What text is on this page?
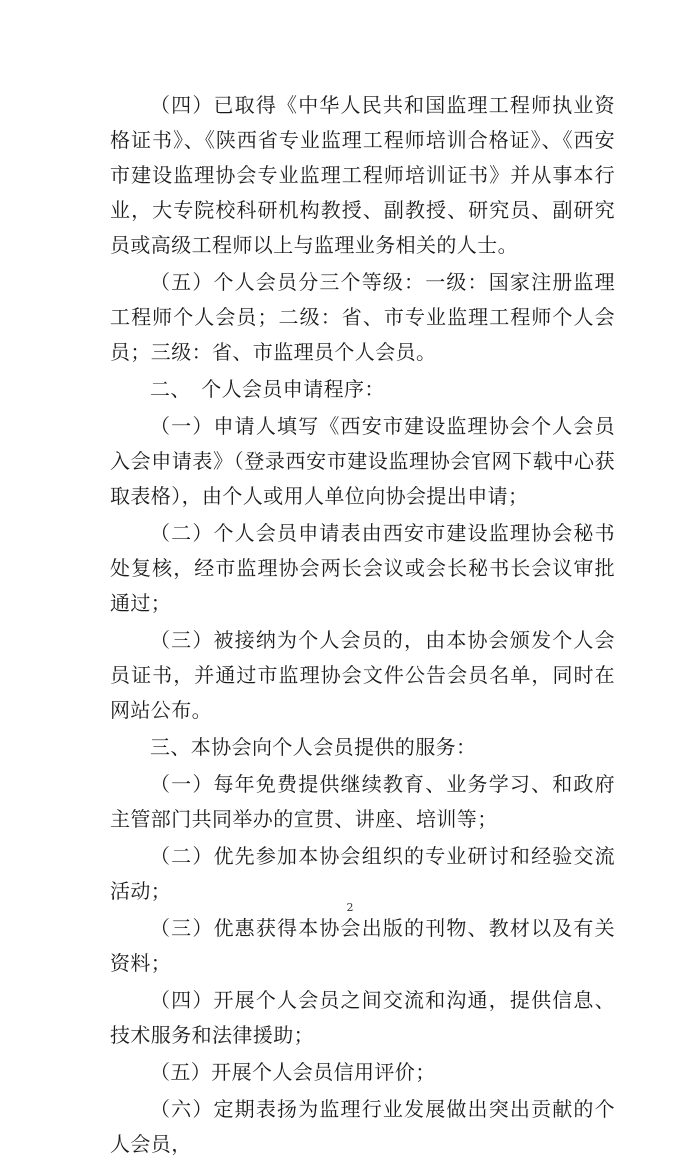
（四）已取得《中华人民共和国监理工程师执业资格证书》、《陕西省专业监理工程师培训合格证》、《西安市建设监理协会专业监理工程师培训证书》并从事本行业，大专院校科研机构教授、副教授、研究员、副研究员或高级工程师以上与监理业务相关的人士。

（五）个人会员分三个等级：一级：国家注册监理工程师个人会员；二级：省、市专业监理工程师个人会员；三级：省、市监理员个人会员。

二、　个人会员申请程序：

（一）申请人填写《西安市建设监理协会个人会员入会申请表》（登录西安市建设监理协会官网下载中心获取表格），由个人或用人单位向协会提出申请；

（二）个人会员申请表由西安市建设监理协会秘书处复核，经市监理协会两长会议或会长秘书长会议审批通过；

（三）被接纳为个人会员的，由本协会颁发个人会员证书，并通过市监理协会文件公告会员名单，同时在网站公布。

三、本协会向个人会员提供的服务：

（一）每年免费提供继续教育、业务学习、和政府主管部门共同举办的宣贯、讲座、培训等；

（二）优先参加本协会组织的专业研讨和经验交流活动；

（三）优惠获得本协会出版的刊物、教材以及有关资料；

（四）开展个人会员之间交流和沟通，提供信息、技术服务和法律援助；

（五）开展个人会员信用评价；

（六）定期表扬为监理行业发展做出突出贡献的个人会员，

2
